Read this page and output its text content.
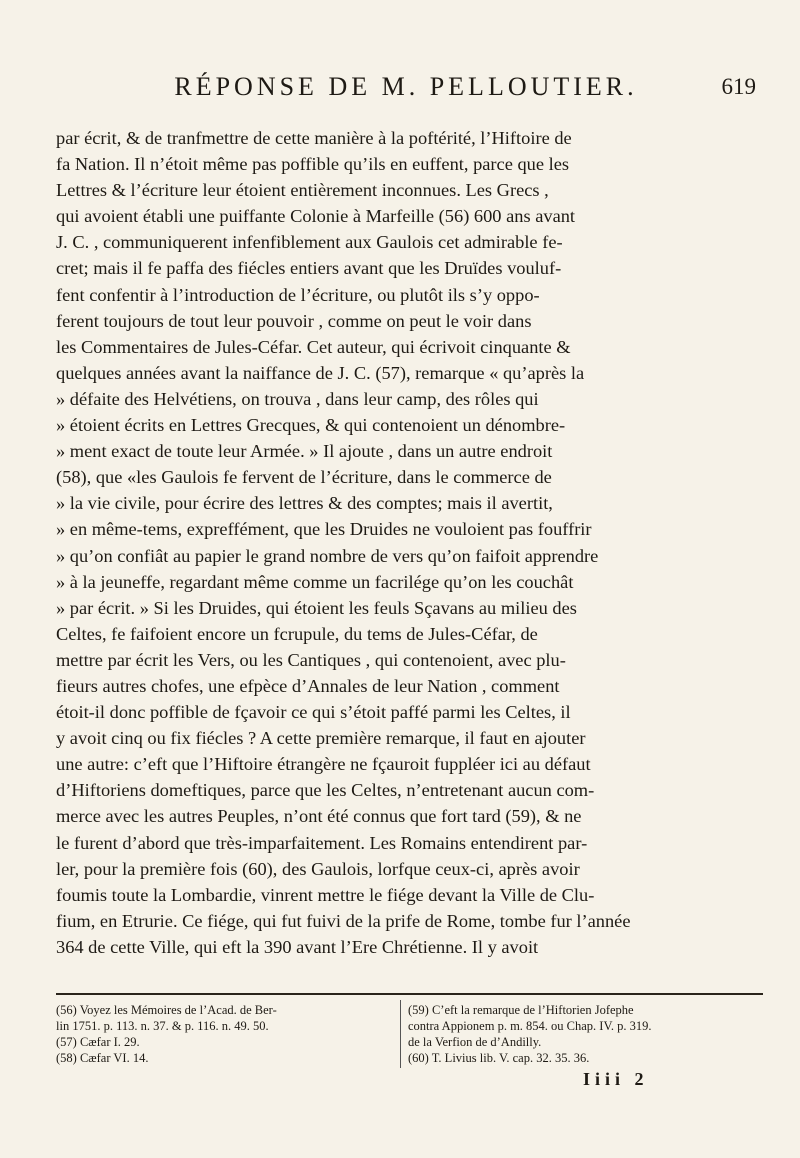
RÉPONSE DE M. PELLOUTIER.	619
par écrit, & de tranfmettre de cette manière à la poftérité, l’Hiftoire de
fa Nation. Il n’étoit même pas poffible qu’ils en euffent, parce que les
Lettres & l’écriture leur étoient entièrement inconnues. Les Grecs ,
qui avoient établi une puiffante Colonie à Marfeille (56) 600 ans avant
J. C. , communiquerent infenfiblement aux Gaulois cet admirable fe-
cret; mais il fe paffa des fiécles entiers avant que les Druïdes vouluf-
fent confentir à l’introduction de l’écriture, ou plutôt ils s’y oppo-
ferent toujours de tout leur pouvoir , comme on peut le voir dans
les Commentaires de Jules-Céfar. Cet auteur, qui écrivoit cinquante &
quelques années avant la naiffance de J. C. (57), remarque « qu’après la
» défaite des Helvétiens, on trouva , dans leur camp, des rôles qui
» étoient écrits en Lettres Grecques, & qui contenoient un dénombre-
» ment exact de toute leur Armée. » Il ajoute , dans un autre endroit
(58), que «les Gaulois fe fervent de l’écriture, dans le commerce de
» la vie civile, pour écrire des lettres & des comptes; mais il avertit,
» en même-tems, expreffément, que les Druides ne vouloient pas fouffrir
» qu’on confiât au papier le grand nombre de vers qu’on faifoit apprendre
» à la jeuneffe, regardant même comme un facrilége qu’on les couchât
» par écrit. » Si les Druides, qui étoient les feuls Sçavans au milieu des
Celtes, fe faifoient encore un fcrupule, du tems de Jules-Céfar, de
mettre par écrit les Vers, ou les Cantiques , qui contenoient, avec plu-
fieurs autres chofes, une efpèce d’Annales de leur Nation , comment
étoit-il donc poffible de fçavoir ce qui s’étoit paffé parmi les Celtes, il
y avoit cinq ou fix fiécles ? A cette première remarque, il faut en ajouter
une autre: c’eft que l’Hiftoire étrangère ne fçauroit fuppléer ici au défaut
d’Hiftoriens domeftiques, parce que les Celtes, n’entretenant aucun com-
merce avec les autres Peuples, n’ont été connus que fort tard (59), & ne
le furent d’abord que très-imparfaitement. Les Romains entendirent par-
ler, pour la première fois (60), des Gaulois, lorfque ceux-ci, après avoir
foumis toute la Lombardie, vinrent mettre le fiége devant la Ville de Clu-
fium, en Etrurie. Ce fiége, qui fut fuivi de la prife de Rome, tombe fur l’année
364 de cette Ville, qui eft la 390 avant l’Ere Chrétienne. Il y avoit
(56) Voyez les Mémoires de l’Acad. de Ber-
lin 1751. p. 113. n. 37. & p. 116. n. 49. 50.
(57) Cæfar I. 29.
(58) Cæfar VI. 14.
(59) C’eft la remarque de l’Hiftorien Jofephe
contra Appionem p. m. 854. ou Chap. IV. p. 319.
de la Verfion de d’Andilly.
(60) T. Livius lib. V. cap. 32. 35. 36.
Iiii 2
